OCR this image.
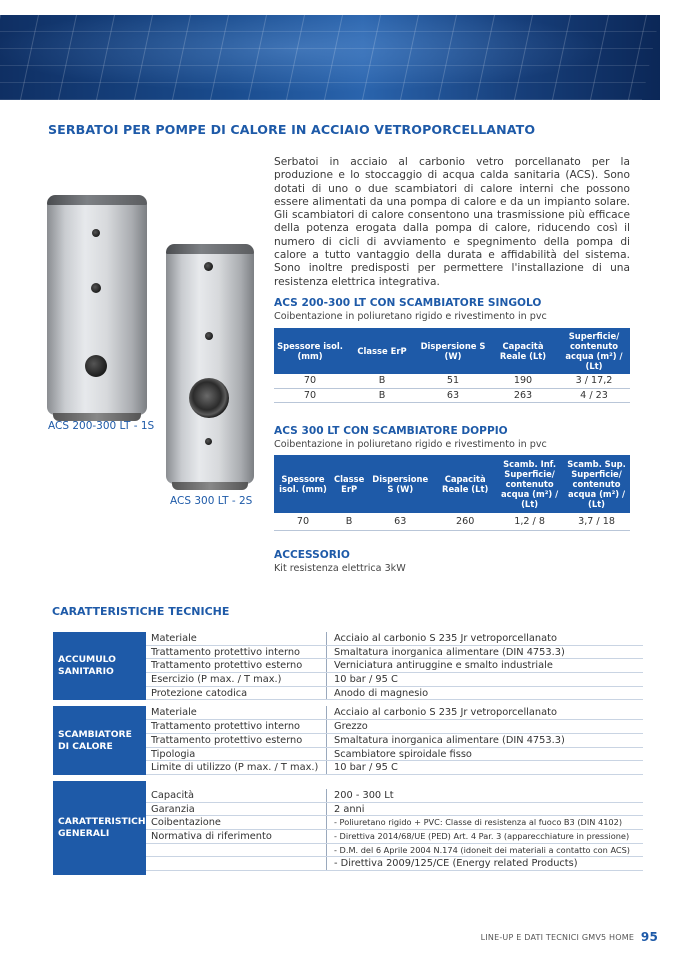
SERBATOI PER POMPE DI CALORE IN ACCIAIO VETROPORCELLANATO
ACS 200-300 LT - 1S
ACS 300 LT - 2S
Serbatoi in acciaio al carbonio vetro porcellanato per la produzione e lo stoccaggio di acqua calda sanitaria (ACS). Sono dotati di uno o due scambiatori di calore interni che possono essere alimentati da una pompa di calore e da un impianto solare. Gli scambiatori di calore consentono una trasmissione più efficace della potenza erogata dalla pompa di calore, riducendo così il numero di cicli di avviamento e spegnimento della pompa di calore a tutto vantaggio della durata e affidabilità del sistema. Sono inoltre predisposti per permettere l'installazione di una resistenza elettrica integrativa.
ACS 200-300 LT CON SCAMBIATORE SINGOLO
Coibentazione in poliuretano rigido e rivestimento in pvc
Spessore isol. (mm)	Classe ErP	Dispersione S (W)	Capacità Reale (Lt)	Superficie/ contenuto acqua (m²) / (Lt)
70	B	51	190	3 / 17,2
70	B	63	263	4 / 23
ACS 300 LT CON SCAMBIATORE DOPPIO
Coibentazione in poliuretano rigido e rivestimento in pvc
Spessore isol. (mm)	Classe ErP	Dispersione S (W)	Capacità Reale (Lt)	Scamb. Inf. Superficie/ contenuto acqua (m²) / (Lt)	Scamb. Sup. Superficie/ contenuto acqua (m²) / (Lt)
70	B	63	260	1,2 / 8	3,7 / 18
ACCESSORIO
Kit resistenza elettrica 3kW
CARATTERISTICHE TECNICHE
ACCUMULO SANITARIO
Materiale	Acciaio al carbonio S 235 Jr vetroporcellanato
Trattamento protettivo interno	Smaltatura inorganica alimentare (DIN 4753.3)
Trattamento protettivo esterno	Verniciatura antiruggine e smalto industriale
Esercizio (P max. / T max.)	10 bar / 95 C
Protezione catodica	Anodo di magnesio
SCAMBIATORE DI CALORE
Materiale	Acciaio al carbonio S 235 Jr vetroporcellanato
Trattamento protettivo interno	Grezzo
Trattamento protettivo esterno	Smaltatura inorganica alimentare (DIN 4753.3)
Tipologia	Scambiatore spiroidale fisso
Limite di utilizzo (P max. / T max.)	10 bar / 95 C
CARATTERISTICHE GENERALI
Capacità	200 - 300 Lt
Garanzia	2 anni
Coibentazione	- Poliuretano rigido + PVC: Classe di resistenza al fuoco B3 (DIN 4102)
Normativa di riferimento	- Direttiva 2014/68/UE (PED) Art. 4 Par. 3 (apparecchiature in pressione)
- D.M. del 6 Aprile 2004 N.174 (idoneit dei materiali a contatto con ACS)
- Direttiva 2009/125/CE (Energy related Products)
LINE-UP E DATI TECNICI GMV5 HOME 95
